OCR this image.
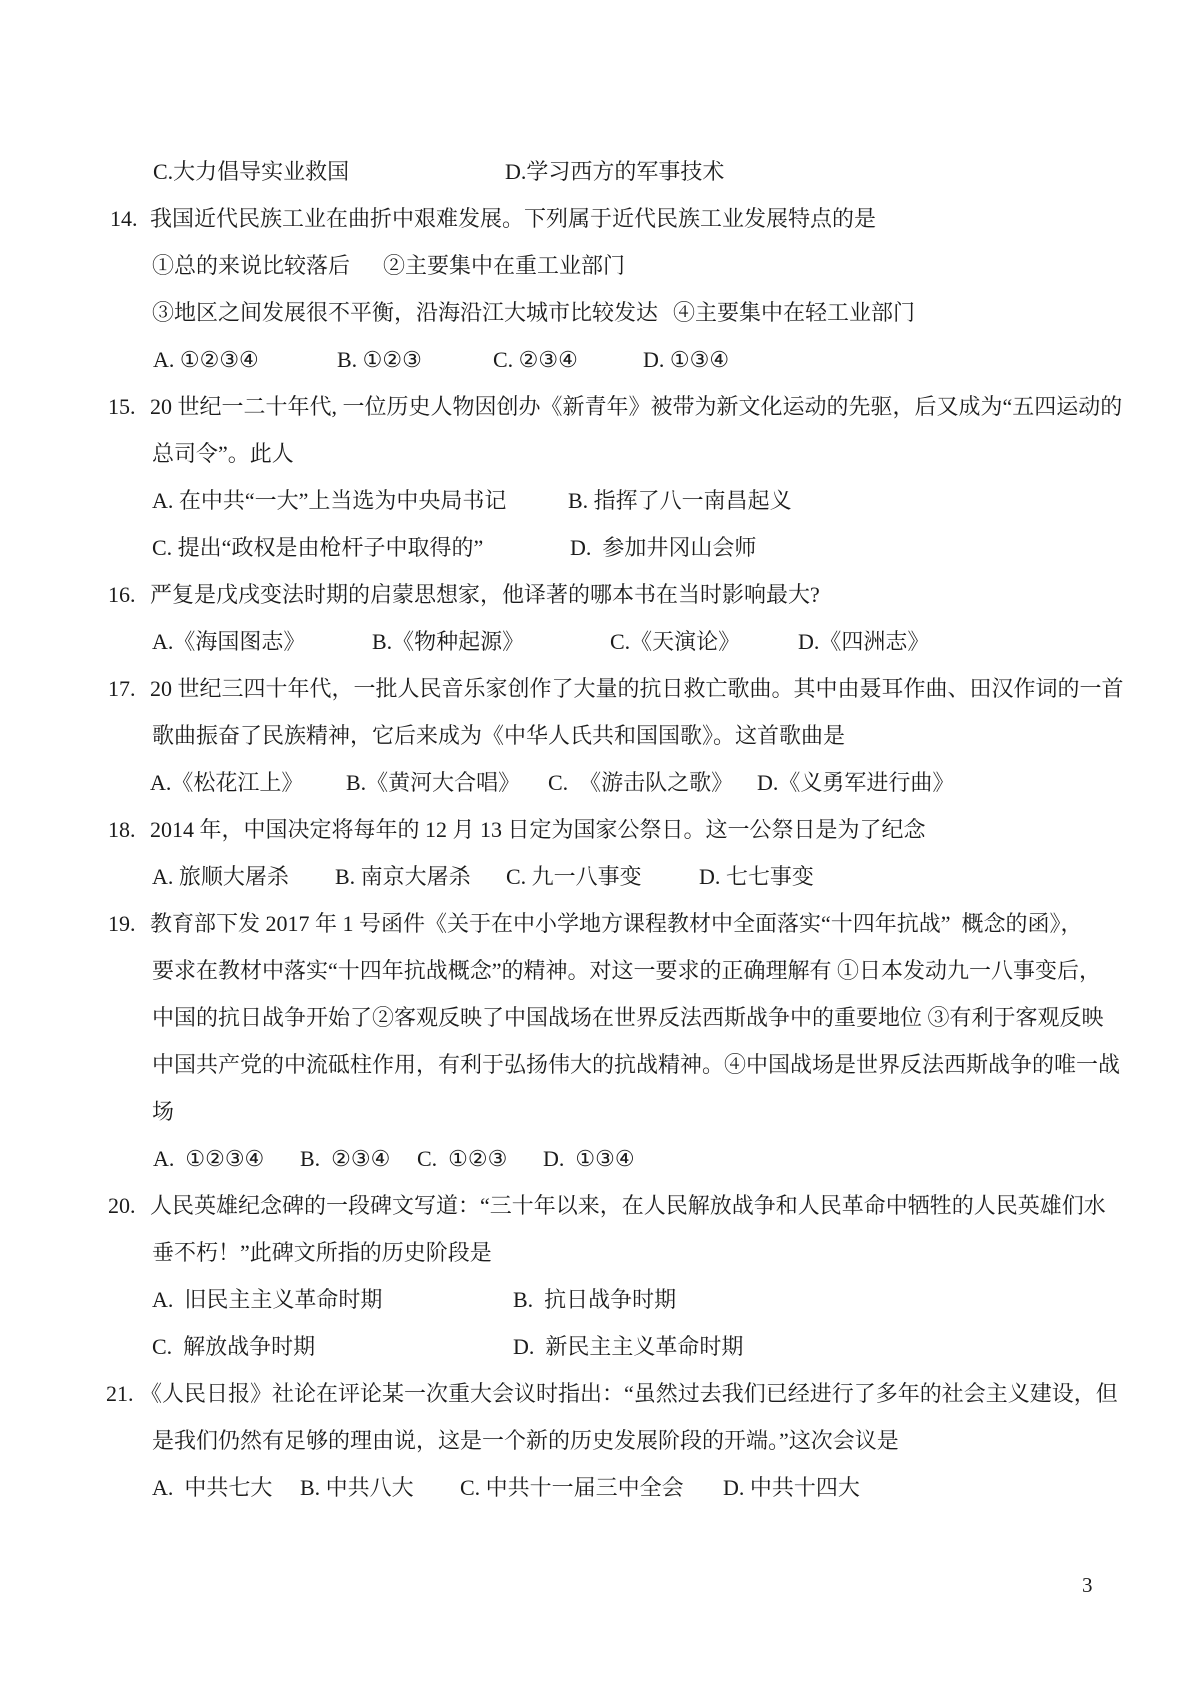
C.大力倡导实业救国	D.学习西方的军事技术
14. 我国近代民族工业在曲折中艰难发展。下列属于近代民族工业发展特点的是
①总的来说比较落后 ②主要集中在重工业部门
③地区之间发展很不平衡，沿海沿江大城市比较发达 ④主要集中在轻工业部门
A. ①②③④	B. ①②③	C. ②③④	D. ①③④
15. 20 世纪一二十年代, 一位历史人物因创办《新青年》被带为新文化运动的先驱，后又成为“五四运动的
总司令”。此人
A. 在中共“一大”上当选为中央局书记	B. 指挥了八一南昌起义
C. 提出“政权是由枪杆子中取得的”	D.  参加井冈山会师
16. 严复是戊戌变法时期的启蒙思想家，他译著的哪本书在当时影响最大?
A.《海国图志》	B.《物种起源》	C.《天演论》	D.《四洲志》
17. 20 世纪三四十年代，一批人民音乐家创作了大量的抗日救亡歌曲。其中由聂耳作曲、田汉作词的一首
歌曲振奋了民族精神，它后来成为《中华人氏共和国国歌》。这首歌曲是
A.《松花江上》 B.《黄河大合唱》 C.  《游击队之歌》 D.《义勇军进行曲》
18. 2014 年，中国决定将每年的 12 月 13 日定为国家公祭日。这一公祭日是为了纪念
A. 旅顺大屠杀 B. 南京大屠杀 C. 九一八事变	D. 七七事变
19. 教育部下发 2017 年 1 号函件《关于在中小学地方课程教材中全面落实“十四年抗战”  概念的函》，
要求在教材中落实“十四年抗战概念”的精神。对这一要求的正确理解有 ①日本发动九一八事变后，
中国的抗日战争开始了②客观反映了中国战场在世界反法西斯战争中的重要地位 ③有利于客观反映
中国共产党的中流砥柱作用，有利于弘扬伟大的抗战精神。④中国战场是世界反法西斯战争的唯一战
场
A.  ①②③④ B.  ②③④ C.  ①②③ D.  ①③④
20. 人民英雄纪念碑的一段碑文写道：“三十年以来，在人民解放战争和人民革命中牺牲的人民英雄们水
垂不朽！”此碑文所指的历史阶段是
A.  旧民主主义革命时期	B.  抗日战争时期
C.  解放战争时期	D.  新民主主义革命时期
21. 《人民日报》社论在评论某一次重大会议时指出：“虽然过去我们已经进行了多年的社会主义建设，但
是我们仍然有足够的理由说，这是一个新的历史发展阶段的开端。”这次会议是
A.  中共七大 B. 中共八大 C. 中共十一届三中全会 D. 中共十四大
3
